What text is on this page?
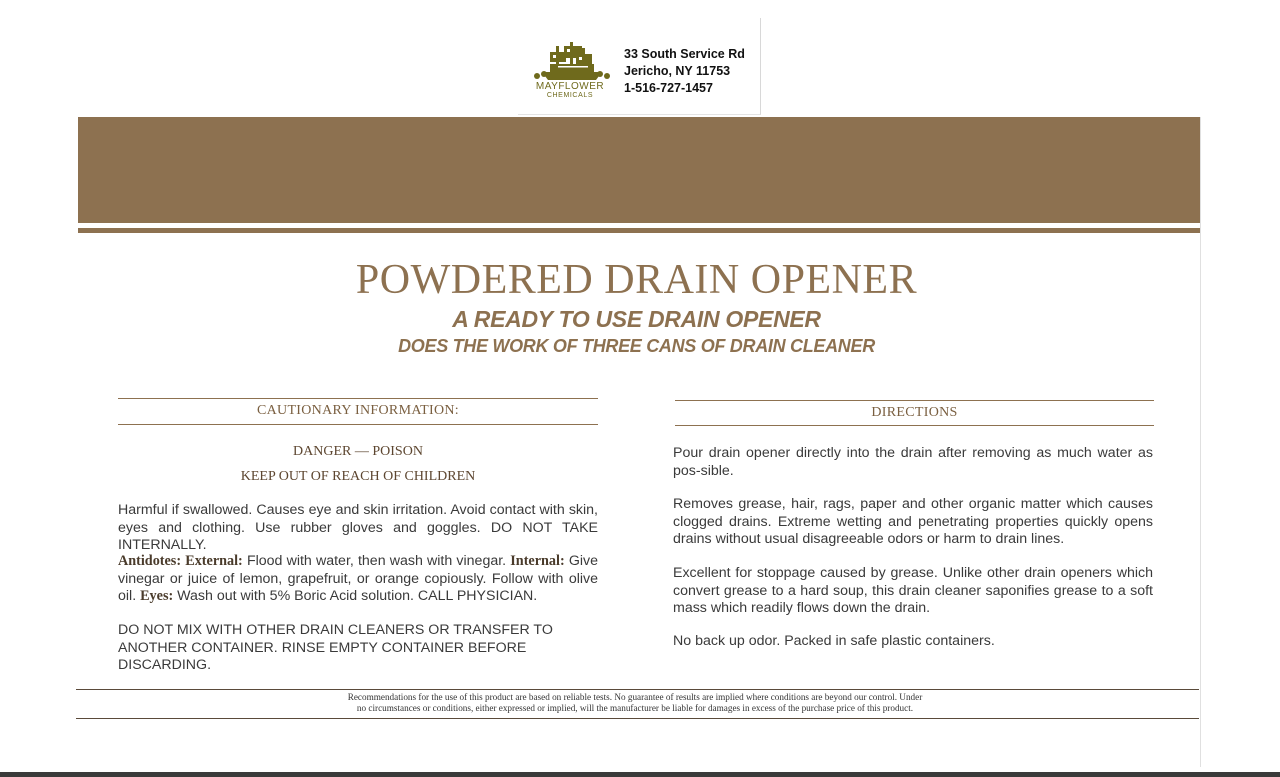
MAYFLOWER
CHEMICALS
33 South Service Rd
Jericho, NY 11753
1-516-727-1457
POWDERED DRAIN OPENER
A READY TO USE DRAIN OPENER
DOES THE WORK OF THREE CANS OF DRAIN CLEANER
CAUTIONARY INFORMATION:
DANGER — POISON
KEEP OUT OF REACH OF CHILDREN
Harmful if swallowed. Causes eye and skin irritation. Avoid contact with skin, eyes and clothing. Use rubber gloves and goggles. DO NOT TAKE INTERNALLY.
Antidotes: External: Flood with water, then wash with vinegar. Internal: Give vinegar or juice of lemon, grapefruit, or orange copiously. Follow with olive oil. Eyes: Wash out with 5% Boric Acid solution. CALL PHYSICIAN.
DO NOT MIX WITH OTHER DRAIN CLEANERS OR TRANSFER TO ANOTHER CONTAINER. RINSE EMPTY CONTAINER BEFORE DISCARDING.
DIRECTIONS
Pour drain opener directly into the drain after removing as much water as pos-sible.
Removes grease, hair, rags, paper and other organic matter which causes clogged drains. Extreme wetting and penetrating properties quickly opens drains without usual disagreeable odors or harm to drain lines.
Excellent for stoppage caused by grease. Unlike other drain openers which convert grease to a hard soup, this drain cleaner saponifies grease to a soft mass which readily flows down the drain.
No back up odor. Packed in safe plastic containers.
Recommendations for the use of this product are based on reliable tests. No guarantee of results are implied where conditions are beyond our control. Under
no circumstances or conditions, either expressed or implied, will the manufacturer be liable for damages in excess of the purchase price of this product.
